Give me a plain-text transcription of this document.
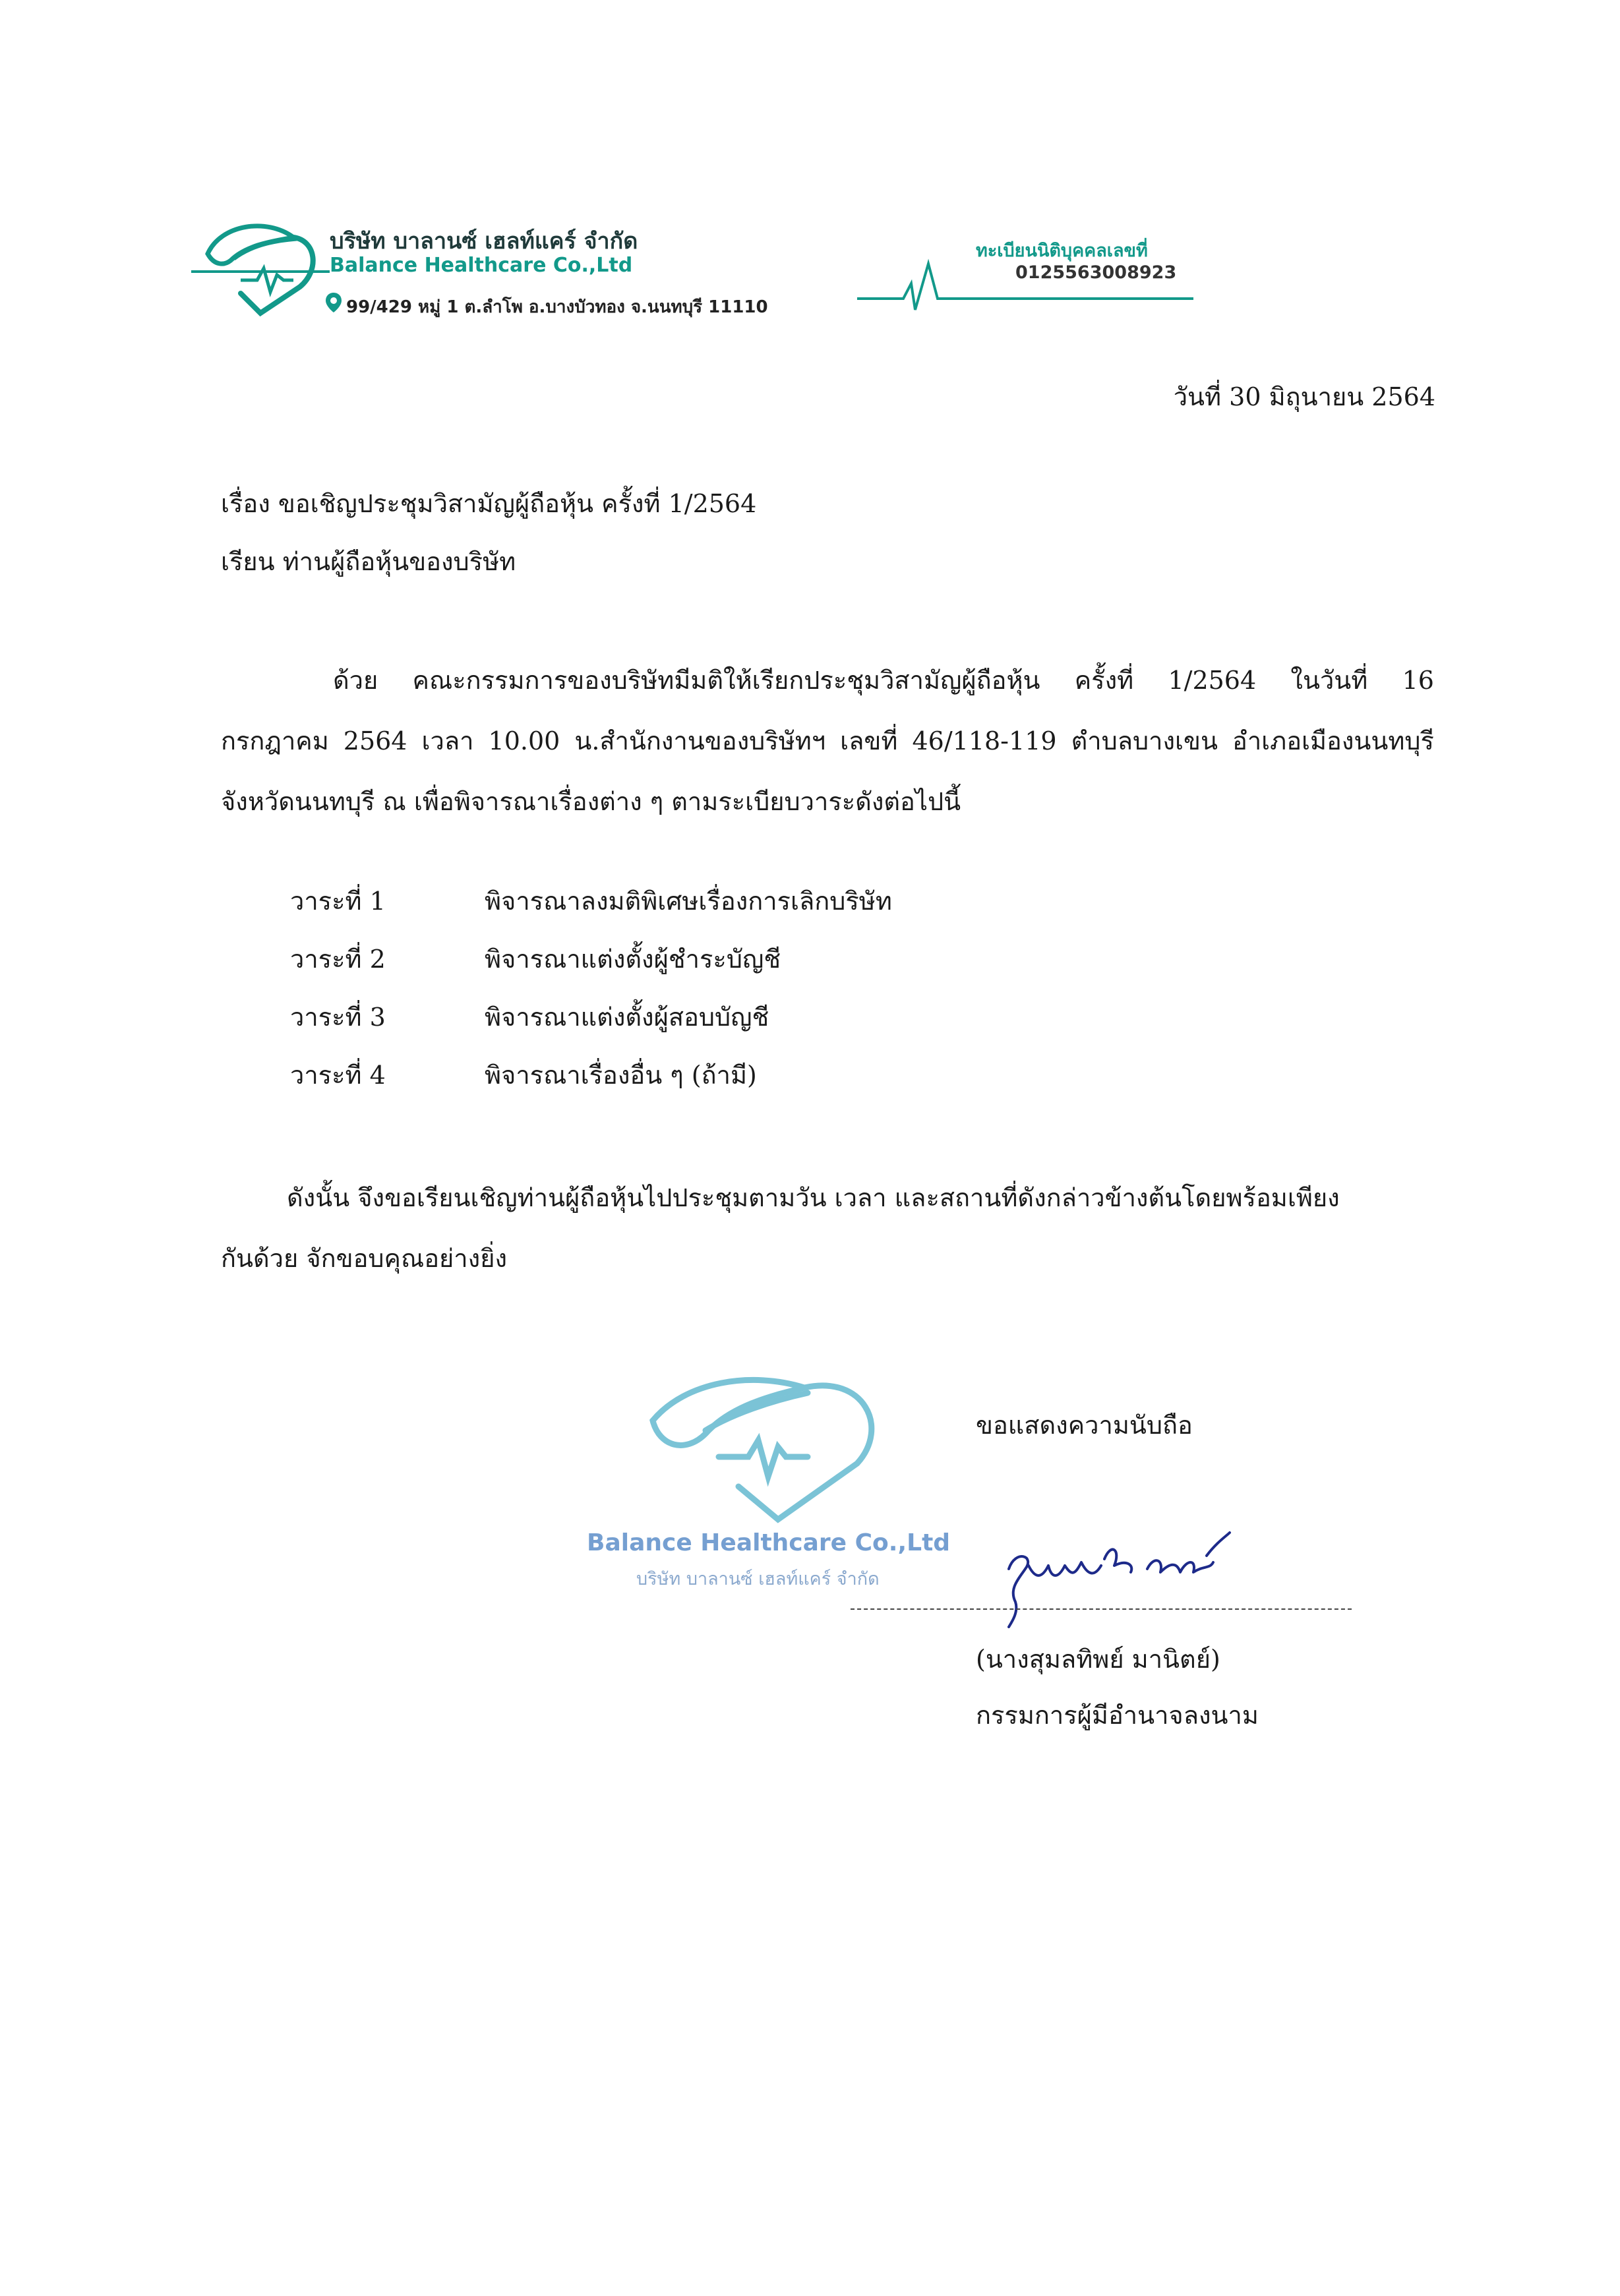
บริษัท บาลานซ์ เฮลท์แคร์ จำกัด
Balance Healthcare Co.,Ltd
ทะเบียนนิติบุคคลเลขที่
0125563008923
99/429 หมู่ 1 ต.ลำโพ อ.บางบัวทอง จ.นนทบุรี 11110
วันที่ 30 มิถุนายน 2564
เรื่อง ขอเชิญประชุมวิสามัญผู้ถือหุ้น ครั้งที่ 1/2564
เรียน ท่านผู้ถือหุ้นของบริษัท
ด้วย คณะกรรมการของบริษัทมีมติให้เรียกประชุมวิสามัญผู้ถือหุ้น ครั้งที่ 1/2564 ในวันที่ 16
กรกฎาคม 2564 เวลา 10.00 น.สำนักงานของบริษัทฯ เลขที่ 46/118-119 ตำบลบางเขน อำเภอเมืองนนทบุรี
จังหวัดนนทบุรี ณ เพื่อพิจารณาเรื่องต่าง ๆ ตามระเบียบวาระดังต่อไปนี้
วาระที่ 1	พิจารณาลงมติพิเศษเรื่องการเลิกบริษัท
วาระที่ 2	พิจารณาแต่งตั้งผู้ชำระบัญชี
วาระที่ 3	พิจารณาแต่งตั้งผู้สอบบัญชี
วาระที่ 4	พิจารณาเรื่องอื่น ๆ (ถ้ามี)
ดังนั้น จึงขอเรียนเชิญท่านผู้ถือหุ้นไปประชุมตามวัน เวลา และสถานที่ดังกล่าวข้างต้นโดยพร้อมเพียง
กันด้วย จักขอบคุณอย่างยิ่ง
Balance Healthcare Co.,Ltd
บริษัท บาลานซ์ เฮลท์แคร์ จำกัด
ขอแสดงความนับถือ
(นางสุมลทิพย์ มานิตย์)
กรรมการผู้มีอำนาจลงนาม
